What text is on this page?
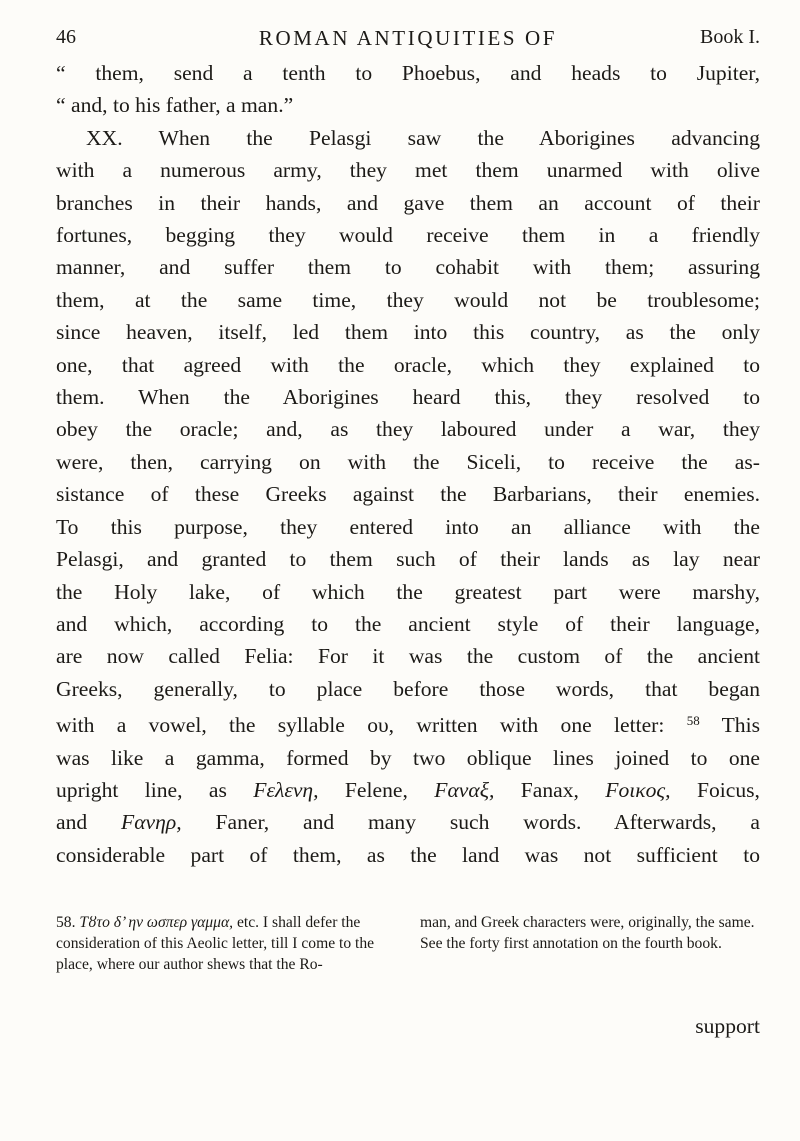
46	ROMAN ANTIQUITIES OF	Book I.
“ them, send a tenth to Phoebus, and heads to Jupiter,
“ and, to his father, a man.”
XX. When the Pelasgi saw the Aborigines advancing
with a numerous army, they met them unarmed with olive
branches in their hands, and gave them an account of their
fortunes, begging they would receive them in a friendly
manner, and suffer them to cohabit with them; assuring
them, at the same time, they would not be troublesome;
since heaven, itself, led them into this country, as the only
one, that agreed with the oracle, which they explained to
them. When the Aborigines heard this, they resolved to
obey the oracle; and, as they laboured under a war, they
were, then, carrying on with the Siceli, to receive the as-
sistance of these Greeks against the Barbarians, their enemies.
To this purpose, they entered into an alliance with the
Pelasgi, and granted to them such of their lands as lay near
the Holy lake, of which the greatest part were marshy,
and which, according to the ancient style of their language,
are now called Felia: For it was the custom of the ancient
Greeks, generally, to place before those words, that began
with a vowel, the syllable ου, written with one letter: $^{58}$ This
was like a gamma, formed by two oblique lines joined to one
upright line, as Fελενη, Felene, Fαναξ, Fanax, Fοικος, Foicus,
and Fανηρ, Faner, and many such words. Afterwards, a
considerable part of them, as the land was not sufficient to
58. Τȣτο δ’ ην ωσπερ γαμμα, etc. I shall defer the consideration of this Aeolic letter, till I come to the place, where our author shews that the Ro-
man, and Greek characters were, originally, the same. See the forty first annotation on the fourth book.
support
